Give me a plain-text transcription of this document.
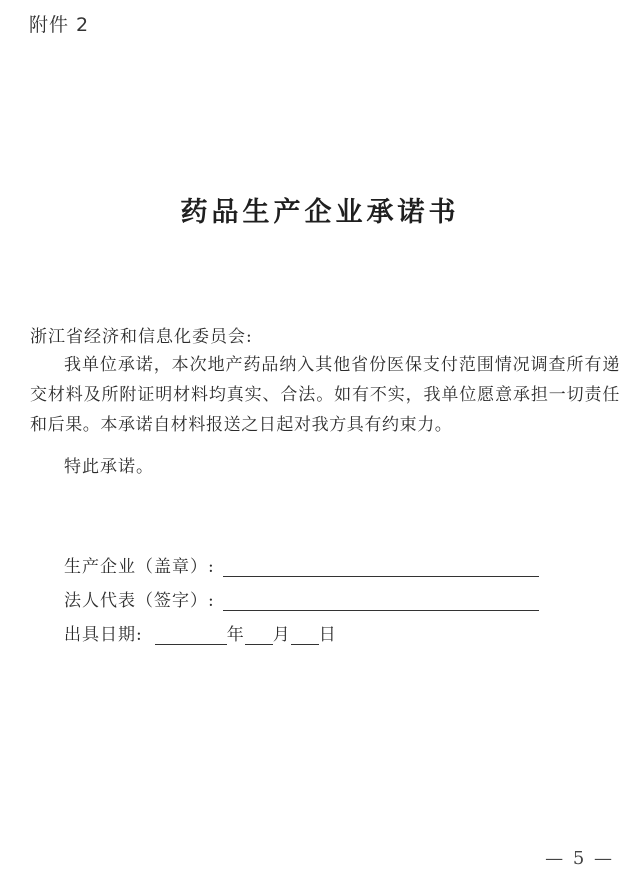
附件 2
药品生产企业承诺书
浙江省经济和信息化委员会:
我单位承诺，本次地产药品纳入其他省份医保支付范围情况调查所有递交材料及所附证明材料均真实、合法。如有不实，我单位愿意承担一切责任和后果。本承诺自材料报送之日起对我方具有约束力。
特此承诺。
生产企业（盖章）:
法人代表（签字）:
出具日期:	年 月 日
— 5 —
